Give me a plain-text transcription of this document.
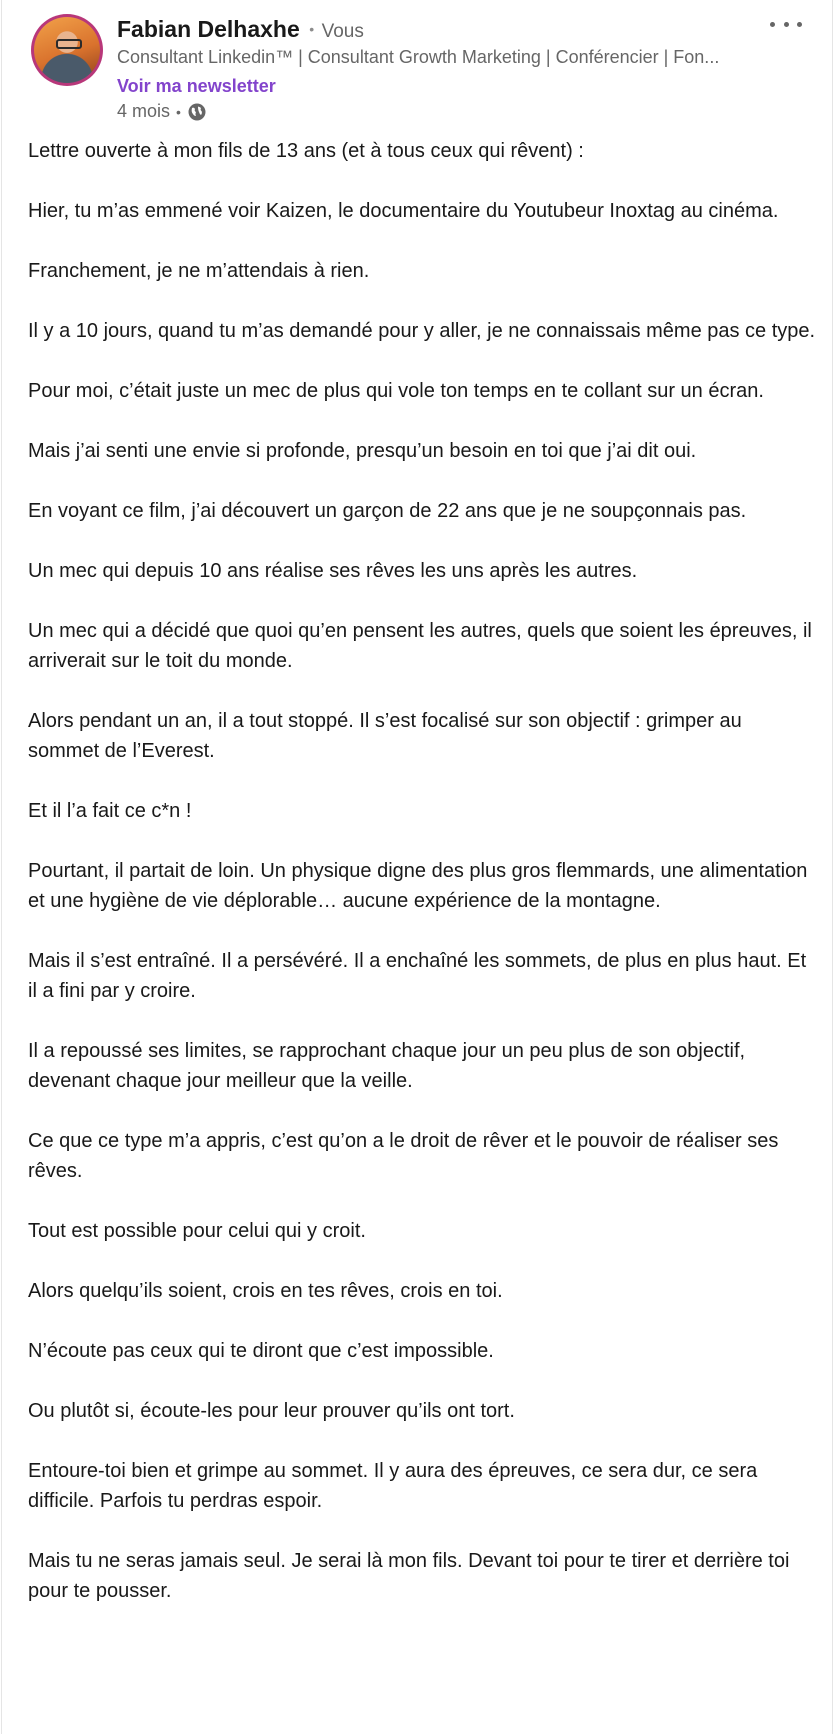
Fabian Delhaxhe • Vous
Consultant Linkedin™ | Consultant Growth Marketing | Conférencier | Fon...
Voir ma newsletter
4 mois •

Lettre ouverte à mon fils de 13 ans (et à tous ceux qui rêvent) :

Hier, tu m’as emmené voir Kaizen, le documentaire du Youtubeur Inoxtag au cinéma.

Franchement, je ne m’attendais à rien.

Il y a 10 jours, quand tu m’as demandé pour y aller, je ne connaissais même pas ce type.

Pour moi, c’était juste un mec de plus qui vole ton temps en te collant sur un écran.

Mais j’ai senti une envie si profonde, presqu’un besoin en toi que j’ai dit oui.

En voyant ce film, j’ai découvert un garçon de 22 ans que je ne soupçonnais pas.

Un mec qui depuis 10 ans réalise ses rêves les uns après les autres.

Un mec qui a décidé que quoi qu’en pensent les autres, quels que soient les épreuves, il arriverait sur le toit du monde.

Alors pendant un an, il a tout stoppé. Il s’est focalisé sur son objectif : grimper au sommet de l’Everest.

Et il l’a fait ce c*n !

Pourtant, il partait de loin. Un physique digne des plus gros flemmards, une alimentation et une hygiène de vie déplorable… aucune expérience de la montagne.

Mais il s’est entraîné. Il a persévéré. Il a enchaîné les sommets, de plus en plus haut. Et il a fini par y croire.

Il a repoussé ses limites, se rapprochant chaque jour un peu plus de son objectif, devenant chaque jour meilleur que la veille.

Ce que ce type m’a appris, c’est qu’on a le droit de rêver et le pouvoir de réaliser ses rêves.

Tout est possible pour celui qui y croit.

Alors quelqu’ils soient, crois en tes rêves, crois en toi.

N’écoute pas ceux qui te diront que c’est impossible.

Ou plutôt si, écoute-les pour leur prouver qu’ils ont tort.

Entoure-toi bien et grimpe au sommet. Il y aura des épreuves, ce sera dur, ce sera difficile. Parfois tu perdras espoir.

Mais tu ne seras jamais seul. Je serai là mon fils. Devant toi pour te tirer et derrière toi pour te pousser.
